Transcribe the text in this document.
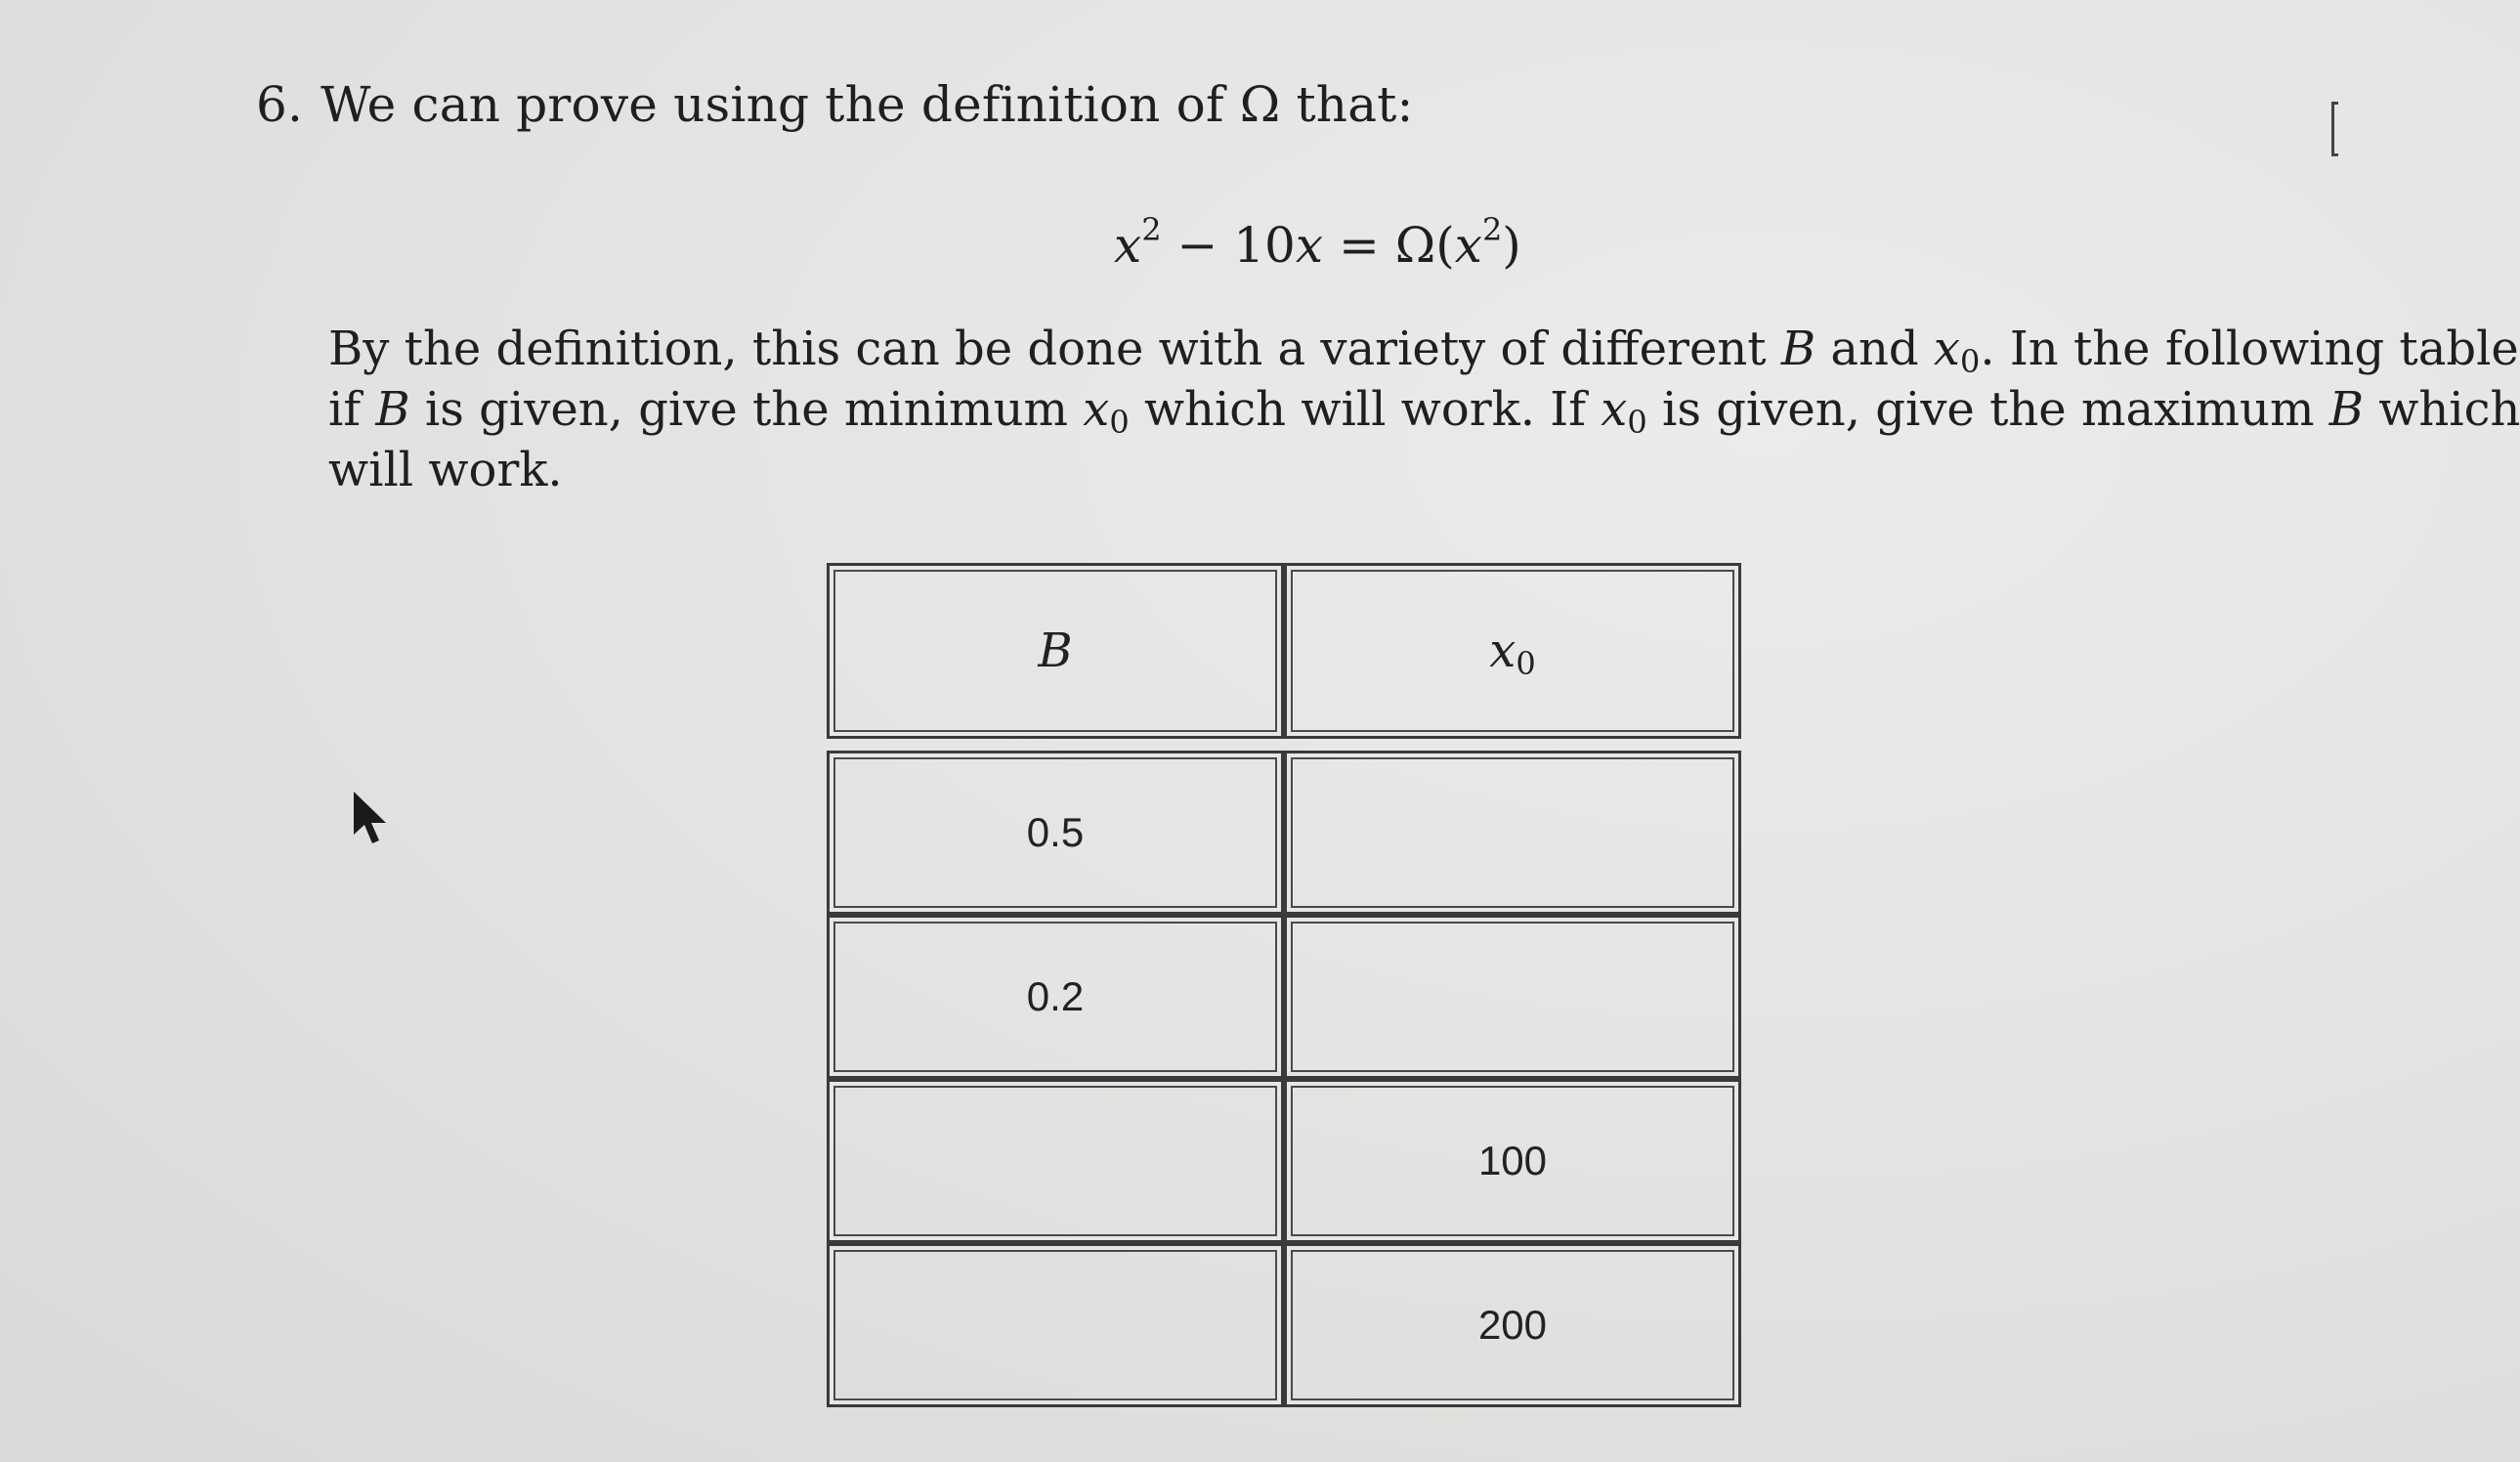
6. We can prove using the definition of Ω that:
$x^2 - 10x = \Omega(x^2)$
By the definition, this can be done with a variety of different B and $x_0$. In the following table
if B is given, give the minimum $x_0$ which will work. If $x_0$ is given, give the maximum B which
will work.
B	$x_0$

0.5	
0.2	
	100
	200
